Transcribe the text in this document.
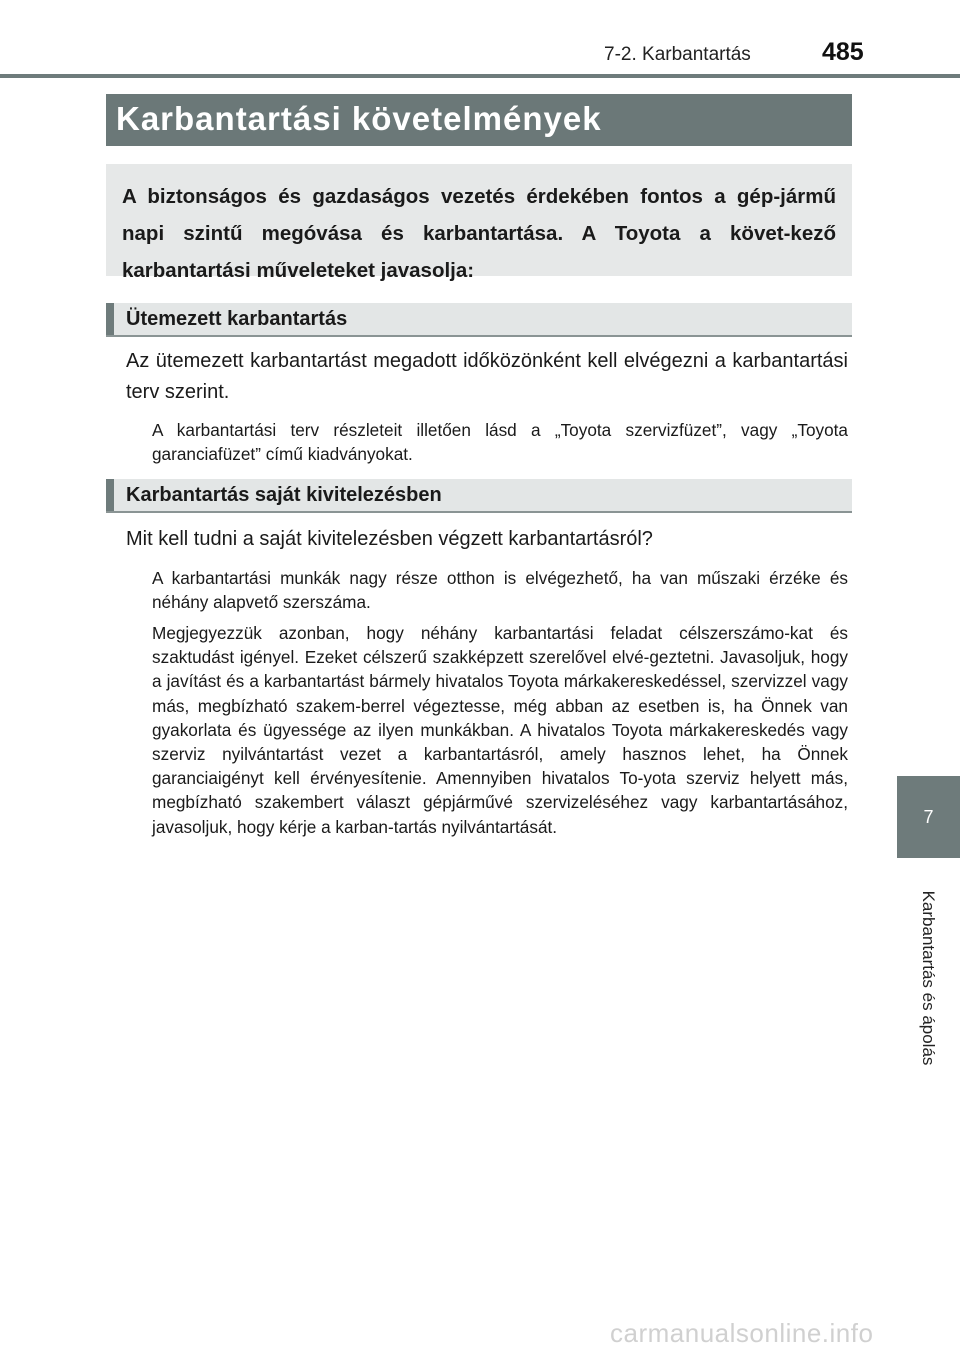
7-2. Karbantartás	485
Karbantartási követelmények
A biztonságos és gazdaságos vezetés érdekében fontos a gép-jármű napi szintű megóvása és karbantartása. A Toyota a követ-kező karbantartási műveleteket javasolja:
Ütemezett karbantartás
Az ütemezett karbantartást megadott időközönként kell elvégezni a karbantartási terv szerint.
A karbantartási terv részleteit illetően lásd a „Toyota szervizfüzet”, vagy „Toyota garanciafüzet” című kiadványokat.
Karbantartás saját kivitelezésben
Mit kell tudni a saját kivitelezésben végzett karbantartásról?
A karbantartási munkák nagy része otthon is elvégezhető, ha van műszaki érzéke és néhány alapvető szerszáma.
Megjegyezzük azonban, hogy néhány karbantartási feladat célszerszámo-kat és szaktudást igényel. Ezeket célszerű szakképzett szerelővel elvé-geztetni. Javasoljuk, hogy a javítást és a karbantartást bármely hivatalos Toyota márkakereskedéssel, szervizzel vagy más, megbízható szakem-berrel végeztesse, még abban az esetben is, ha Önnek van gyakorlata és ügyessége az ilyen munkákban. A hivatalos Toyota márkakereskedés vagy szerviz nyilvántartást vezet a karbantartásról, amely hasznos lehet, ha Önnek garanciaigényt kell érvényesítenie. Amennyiben hivatalos To-yota szerviz helyett más, megbízható szakembert választ gépjárművé szervizeléséhez vagy karbantartásához, javasoljuk, hogy kérje a karban-tartás nyilvántartását.	7
Karbantartás és ápolás
carmanualsonline.info
